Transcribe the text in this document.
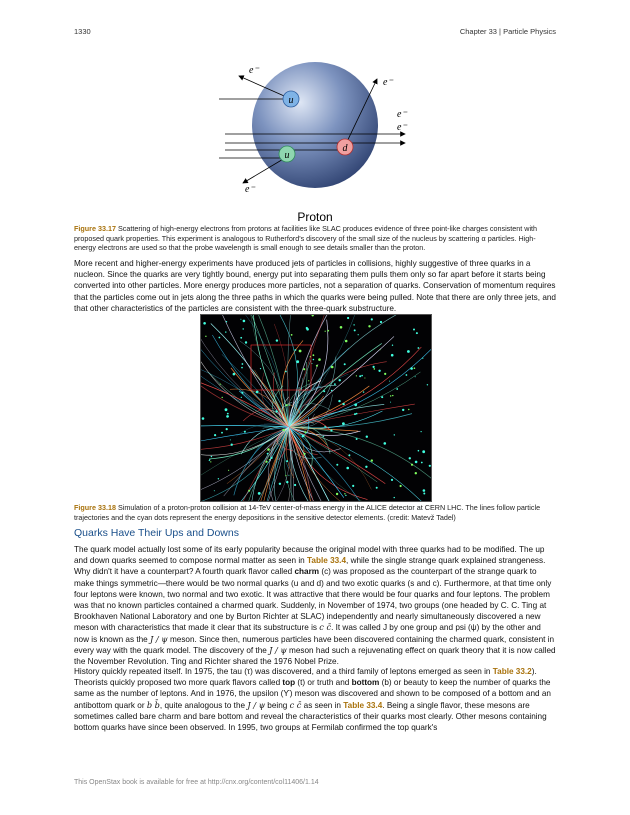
1330	Chapter 33 | Particle Physics
u
d
u
e⁻
e⁻
e⁻
e⁻
e⁻
Proton
Figure 33.17 Scattering of high-energy electrons from protons at facilities like SLAC produces evidence of three point-like charges consistent with proposed quark properties. This experiment is analogous to Rutherford's discovery of the small size of the nucleus by scattering α particles. High-energy electrons are used so that the probe wavelength is small enough to see details smaller than the proton.

More recent and higher-energy experiments have produced jets of particles in collisions, highly suggestive of three quarks in a nucleon. Since the quarks are very tightly bound, energy put into separating them pulls them only so far apart before it starts being converted into other particles. More energy produces more particles, not a separation of quarks. Conservation of momentum requires that the particles come out in jets along the three paths in which the quarks were being pulled. Note that there are only three jets, and that other characteristics of the particles are consistent with the three-quark substructure.

Figure 33.18 Simulation of a proton-proton collision at 14-TeV center-of-mass energy in the ALICE detector at CERN LHC. The lines follow particle trajectories and the cyan dots represent the energy depositions in the sensitive detector elements. (credit: Matevž Tadel)
Quarks Have Their Ups and Downs

The quark model actually lost some of its early popularity because the original model with three quarks had to be modified. The up and down quarks seemed to compose normal matter as seen in Table 33.4, while the single strange quark explained strangeness. Why didn't it have a counterpart? A fourth quark flavor called charm (c) was proposed as the counterpart of the strange quark to make things symmetric—there would be two normal quarks (u and d) and two exotic quarks (s and c). Furthermore, at that time only four leptons were known, two normal and two exotic. It was attractive that there would be four quarks and four leptons. The problem was that no known particles contained a charmed quark. Suddenly, in November of 1974, two groups (one headed by C. C. Ting at Brookhaven National Laboratory and one by Burton Richter at SLAC) independently and nearly simultaneously discovered a new meson with characteristics that made it clear that its substructure is c c̄. It was called J by one group and psi (ψ) by the other and now is known as the J / ψ meson. Since then, numerous particles have been discovered containing the charmed quark, consistent in every way with the quark model. The discovery of the J / ψ meson had such a rejuvenating effect on quark theory that it is now called the November Revolution. Ting and Richter shared the 1976 Nobel Prize.

History quickly repeated itself. In 1975, the tau (τ) was discovered, and a third family of leptons emerged as seen in Table 33.2). Theorists quickly proposed two more quark flavors called top (t) or truth and bottom (b) or beauty to keep the number of quarks the same as the number of leptons. And in 1976, the upsilon (ϒ) meson was discovered and shown to be composed of a bottom and an antibottom quark or b b̄, quite analogous to the J / ψ being c c̄ as seen in Table 33.4. Being a single flavor, these mesons are sometimes called bare charm and bare bottom and reveal the characteristics of their quarks most clearly. Other mesons containing bottom quarks have since been observed. In 1995, two groups at Fermilab confirmed the top quark's

This OpenStax book is available for free at http://cnx.org/content/col11406/1.14
